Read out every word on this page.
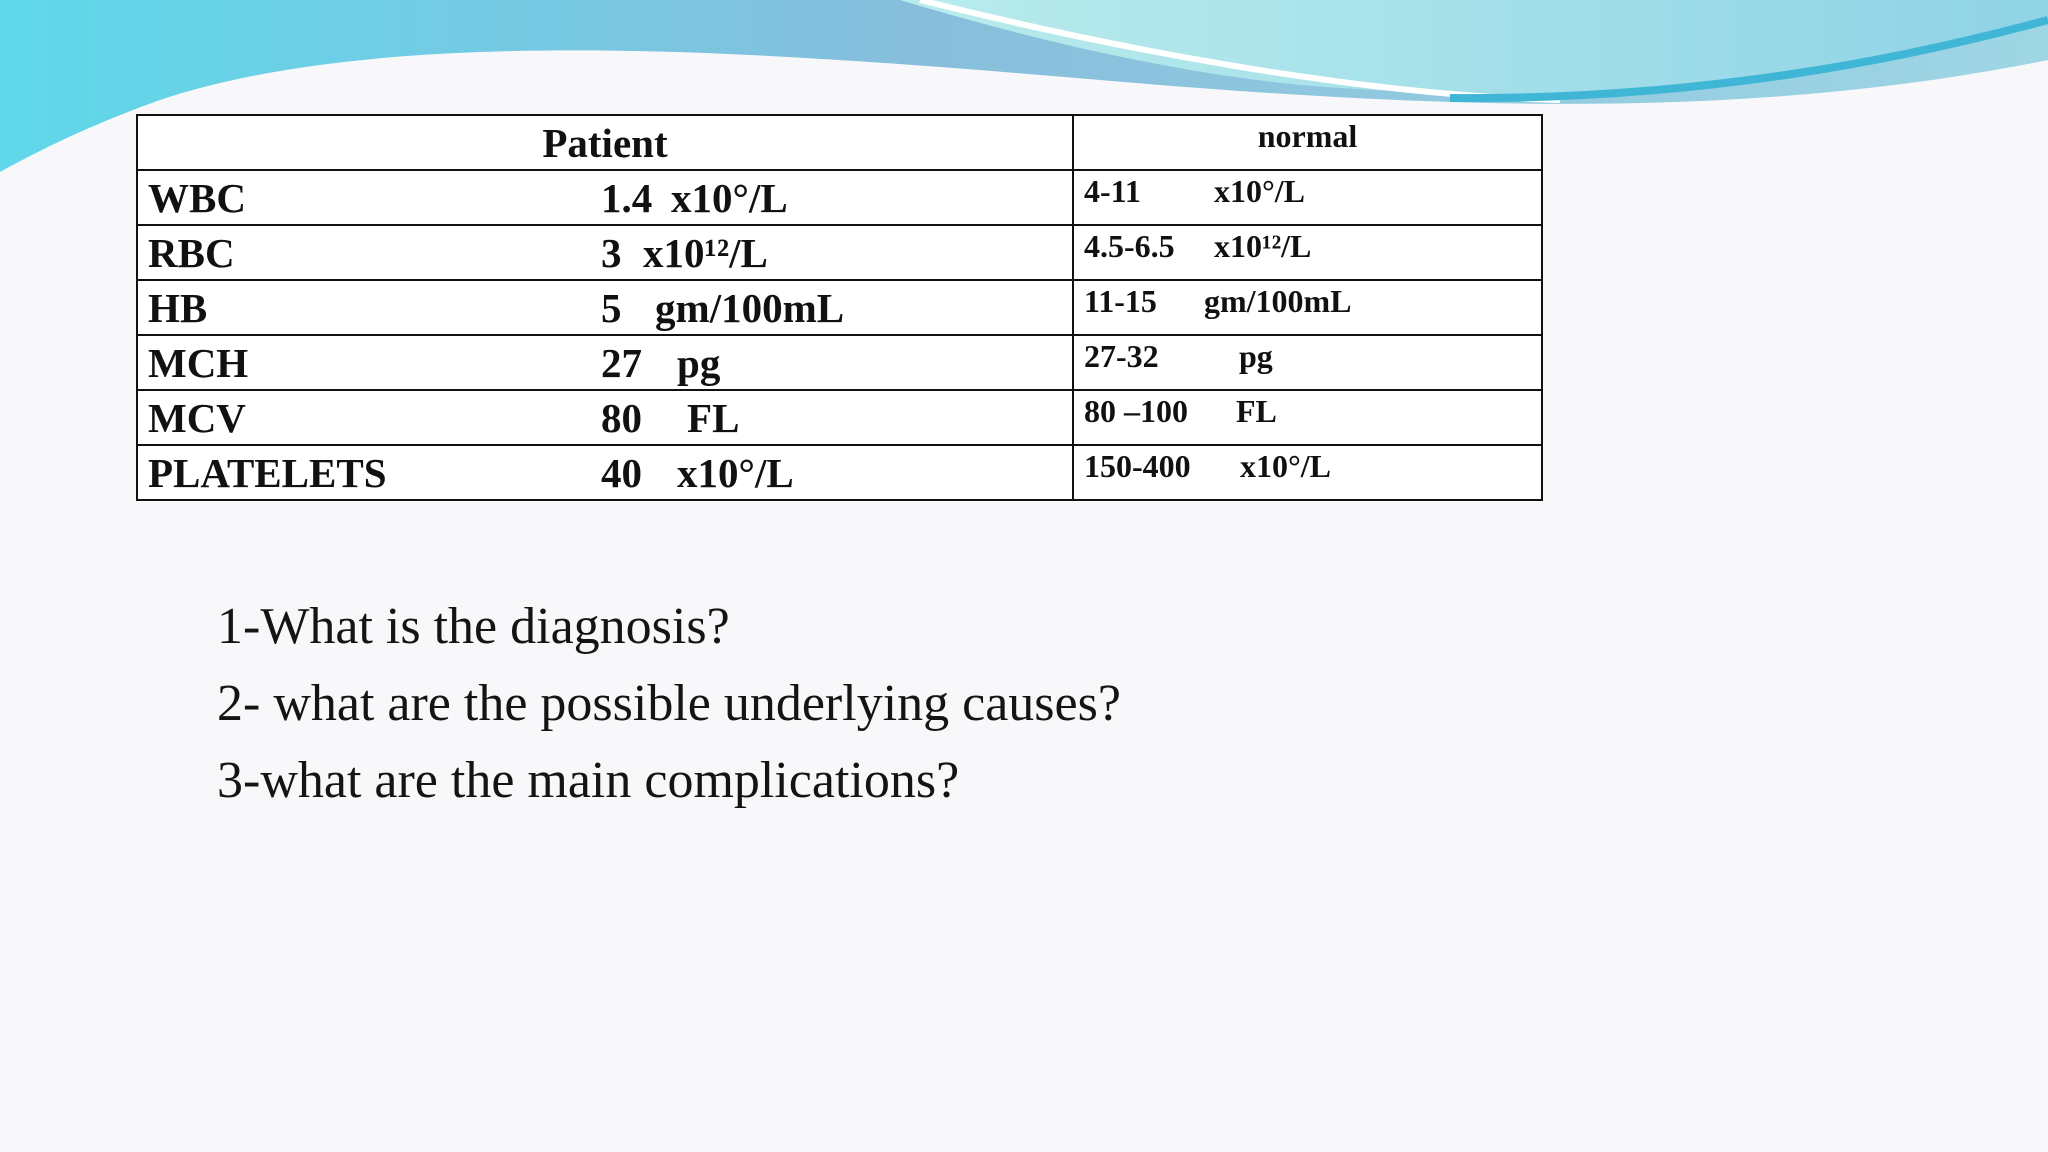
Patient		normal
WBC	1.4 x10°/L	4-11 x10°/L
RBC	3 x10¹²/L	4.5-6.5 x10¹²/L
HB	5 gm/100mL	11-15 gm/100mL
MCH	27 pg	27-32 pg
MCV	80 FL	80 –100 FL
PLATELETS	40 x10°/L	150-400 x10°/L
1-What is the diagnosis?
2- what are the possible underlying causes?
3-what are the main complications?
